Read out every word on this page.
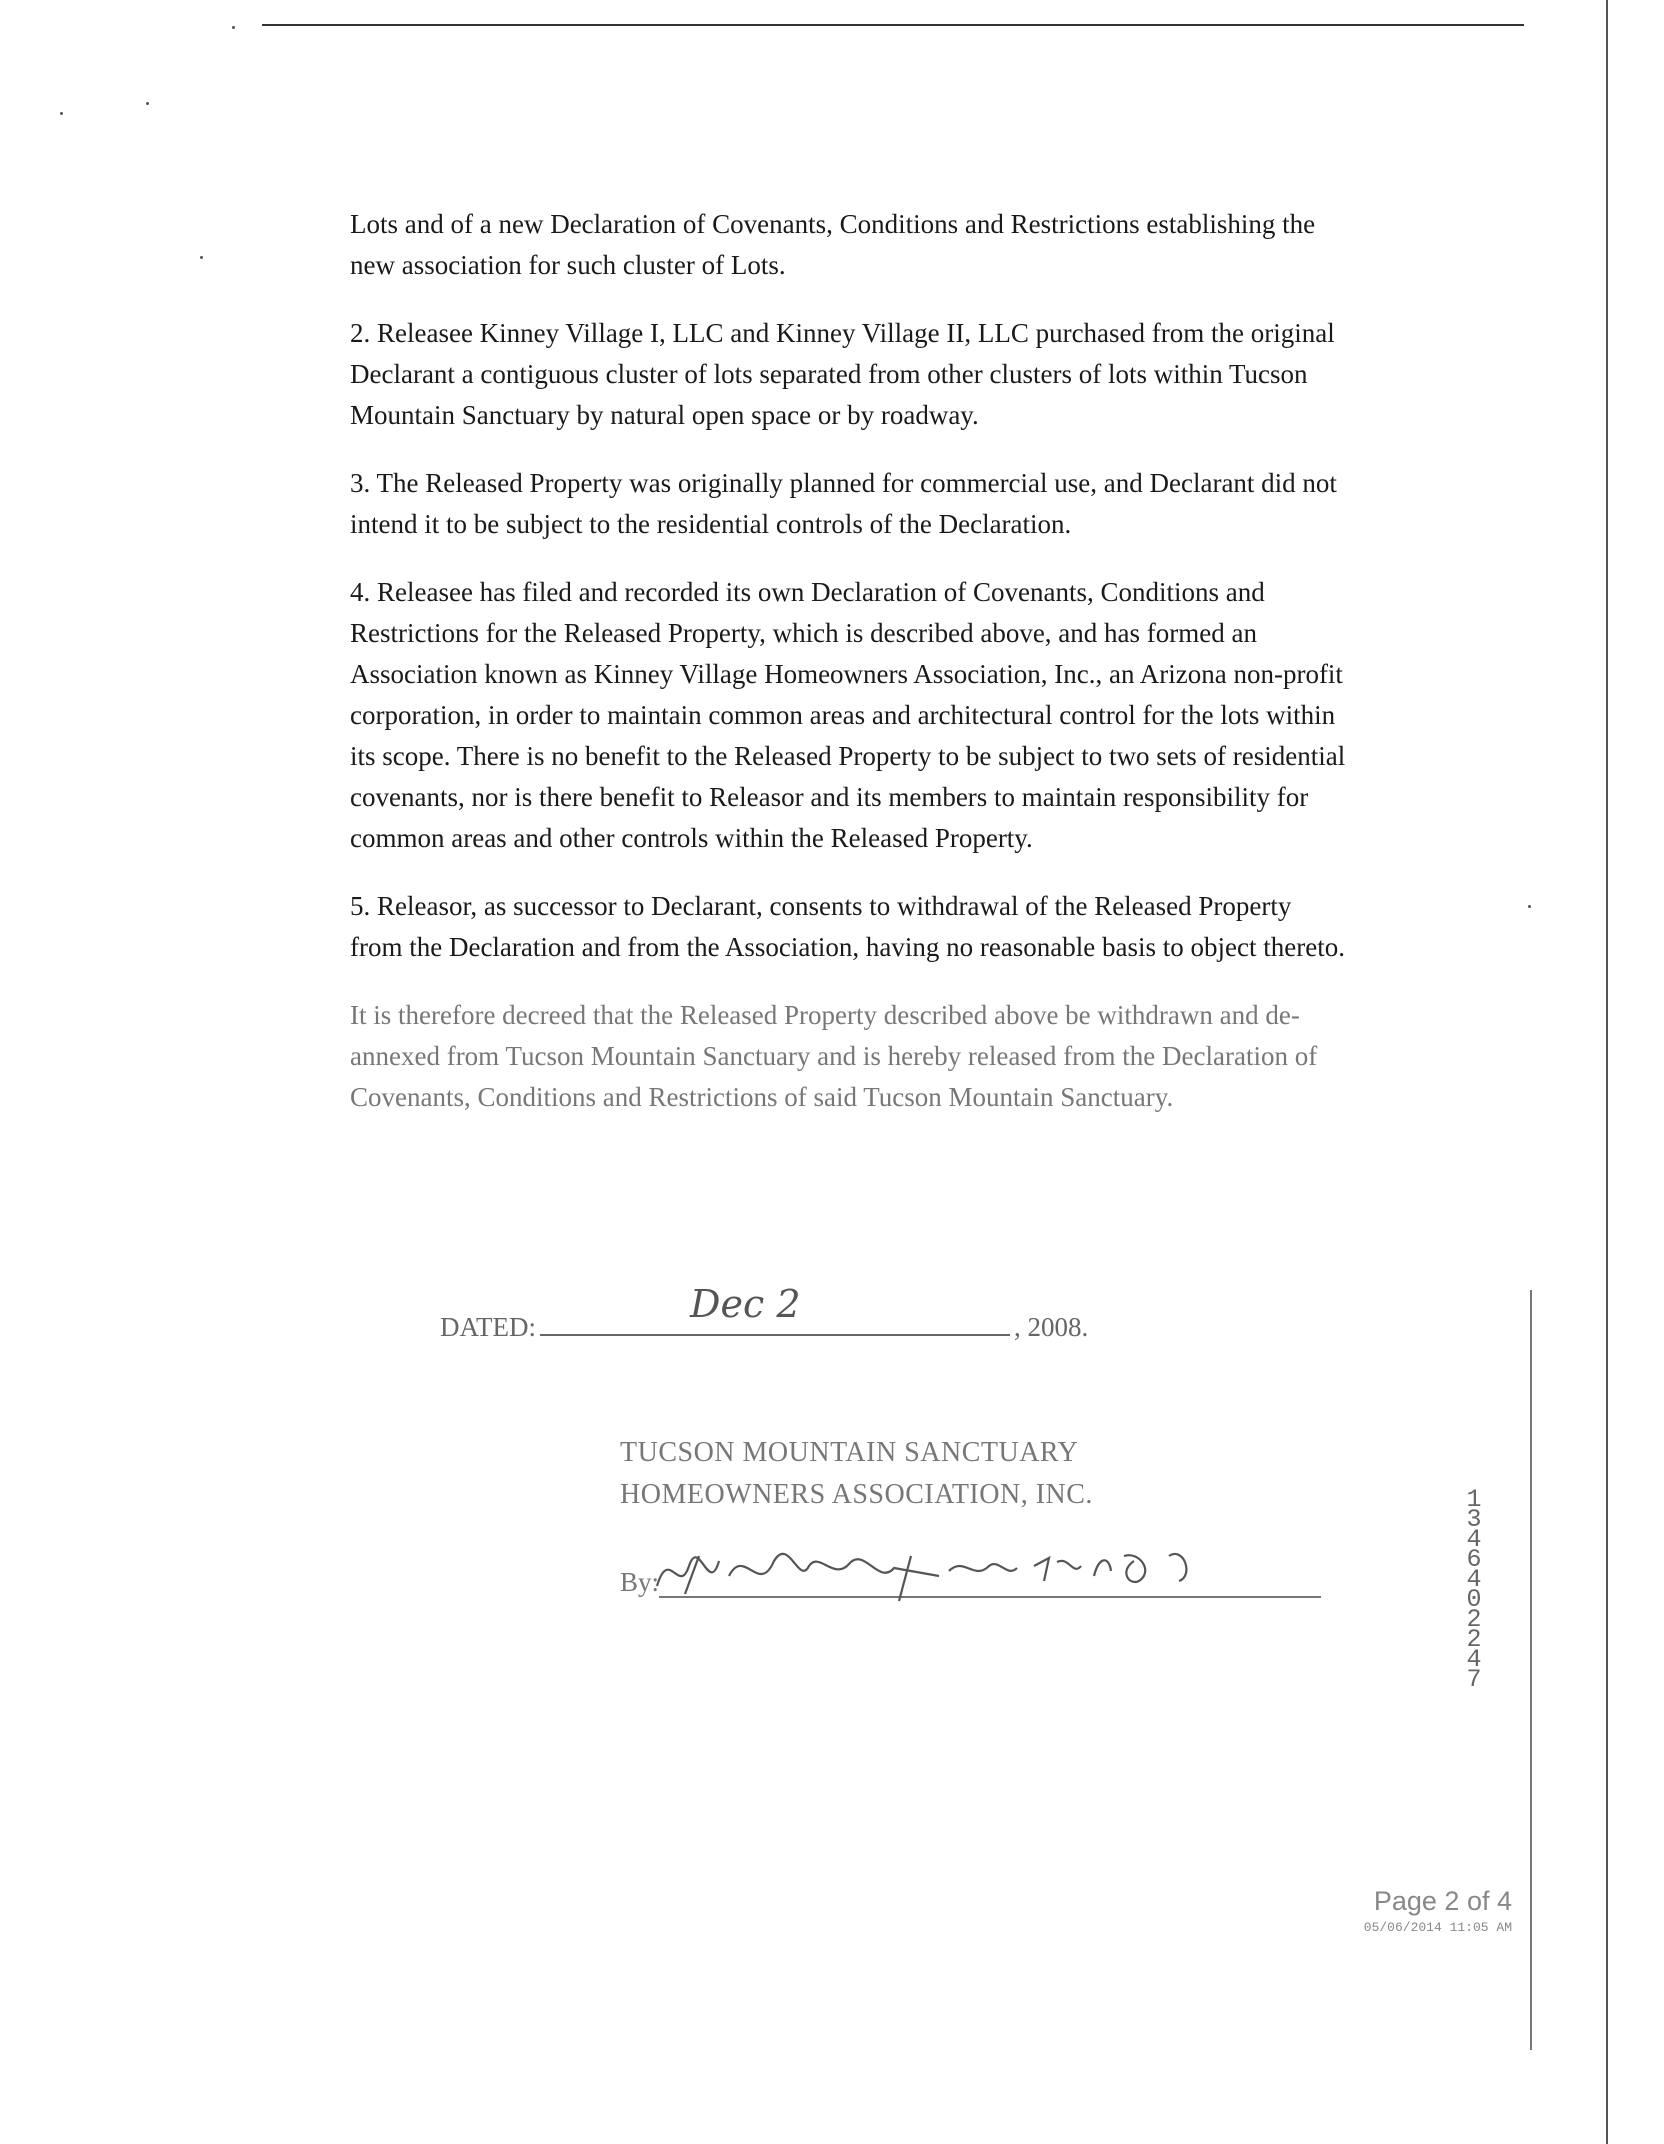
Lots and of a new Declaration of Covenants, Conditions and Restrictions establishing the new association for such cluster of Lots.

2. Releasee Kinney Village I, LLC and Kinney Village II, LLC purchased from the original Declarant a contiguous cluster of lots separated from other clusters of lots within Tucson Mountain Sanctuary by natural open space or by roadway.

3. The Released Property was originally planned for commercial use, and Declarant did not intend it to be subject to the residential controls of the Declaration.

4. Releasee has filed and recorded its own Declaration of Covenants, Conditions and Restrictions for the Released Property, which is described above, and has formed an Association known as Kinney Village Homeowners Association, Inc., an Arizona non-profit corporation, in order to maintain common areas and architectural control for the lots within its scope. There is no benefit to the Released Property to be subject to two sets of residential covenants, nor is there benefit to Releasor and its members to maintain responsibility for common areas and other controls within the Released Property.

5. Releasor, as successor to Declarant, consents to withdrawal of the Released Property from the Declaration and from the Association, having no reasonable basis to object thereto.

It is therefore decreed that the Released Property described above be withdrawn and de-annexed from Tucson Mountain Sanctuary and is hereby released from the Declaration of Covenants, Conditions and Restrictions of said Tucson Mountain Sanctuary.

DATED:
Dec 2
, 2008.
TUCSON MOUNTAIN SANCTUARY
HOMEOWNERS ASSOCIATION, INC.
By:
13464 02247
Page 2 of 4
05/06/2014 11:05 AM
